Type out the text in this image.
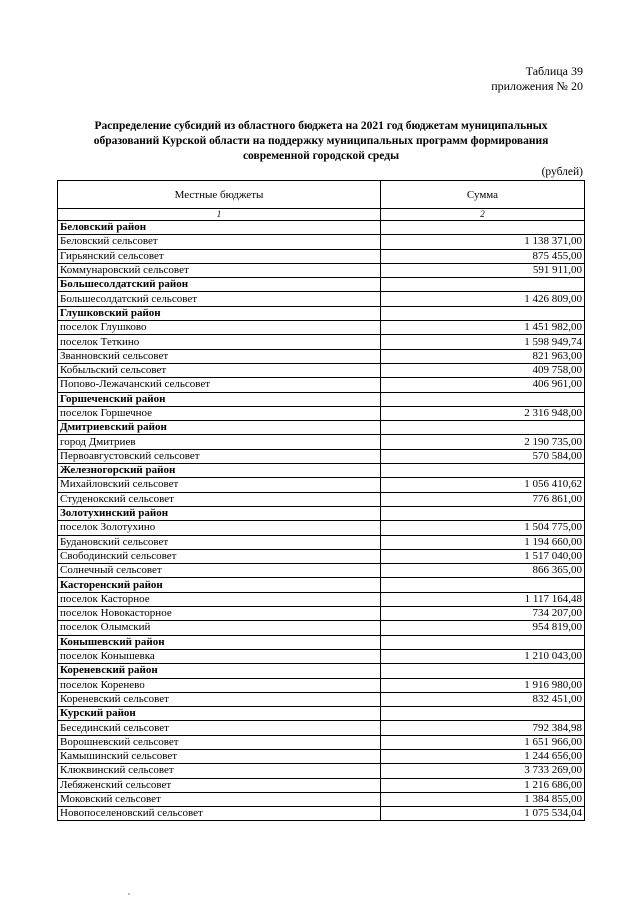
Таблица 39
приложения № 20
Распределение субсидий из областного бюджета на 2021 год бюджетам муниципальных
образований Курской области на поддержку муниципальных программ формирования
современной городской среды
(рублей)
Местные бюджеты	Сумма
1	2
Беловский район	
Беловский сельсовет	1 138 371,00
Гирьянский сельсовет	875 455,00
Коммунаровский сельсовет	591 911,00
Большесолдатский район	
Большесолдатский сельсовет	1 426 809,00
Глушковский район	
поселок Глушково	1 451 982,00
поселок Теткино	1 598 949,74
Званновский сельсовет	821 963,00
Кобыльский сельсовет	409 758,00
Попово-Лежачанский сельсовет	406 961,00
Горшеченский район	
поселок Горшечное	2 316 948,00
Дмитриевский район	
город Дмитриев	2 190 735,00
Первоавгустовский сельсовет	570 584,00
Железногорский район	
Михайловский сельсовет	1 056 410,62
Студенокский сельсовет	776 861,00
Золотухинский район	
поселок Золотухино	1 504 775,00
Будановский сельсовет	1 194 660,00
Свободинский сельсовет	1 517 040,00
Солнечный сельсовет	866 365,00
Касторенский район	
поселок Касторное	1 117 164,48
поселок Новокасторное	734 207,00
поселок Олымский	954 819,00
Конышевский район	
поселок Конышевка	1 210 043,00
Кореневский район	
поселок Коренево	1 916 980,00
Кореневский сельсовет	832 451,00
Курский район	
Бесединский сельсовет	792 384,98
Ворошневский сельсовет	1 651 966,00
Камышинский сельсовет	1 244 656,00
Клюквинский сельсовет	3 733 269,00
Лебяженский сельсовет	1 216 686,00
Моковский сельсовет	1 384 855,00
Новопоселеновский сельсовет	1 075 534,04
